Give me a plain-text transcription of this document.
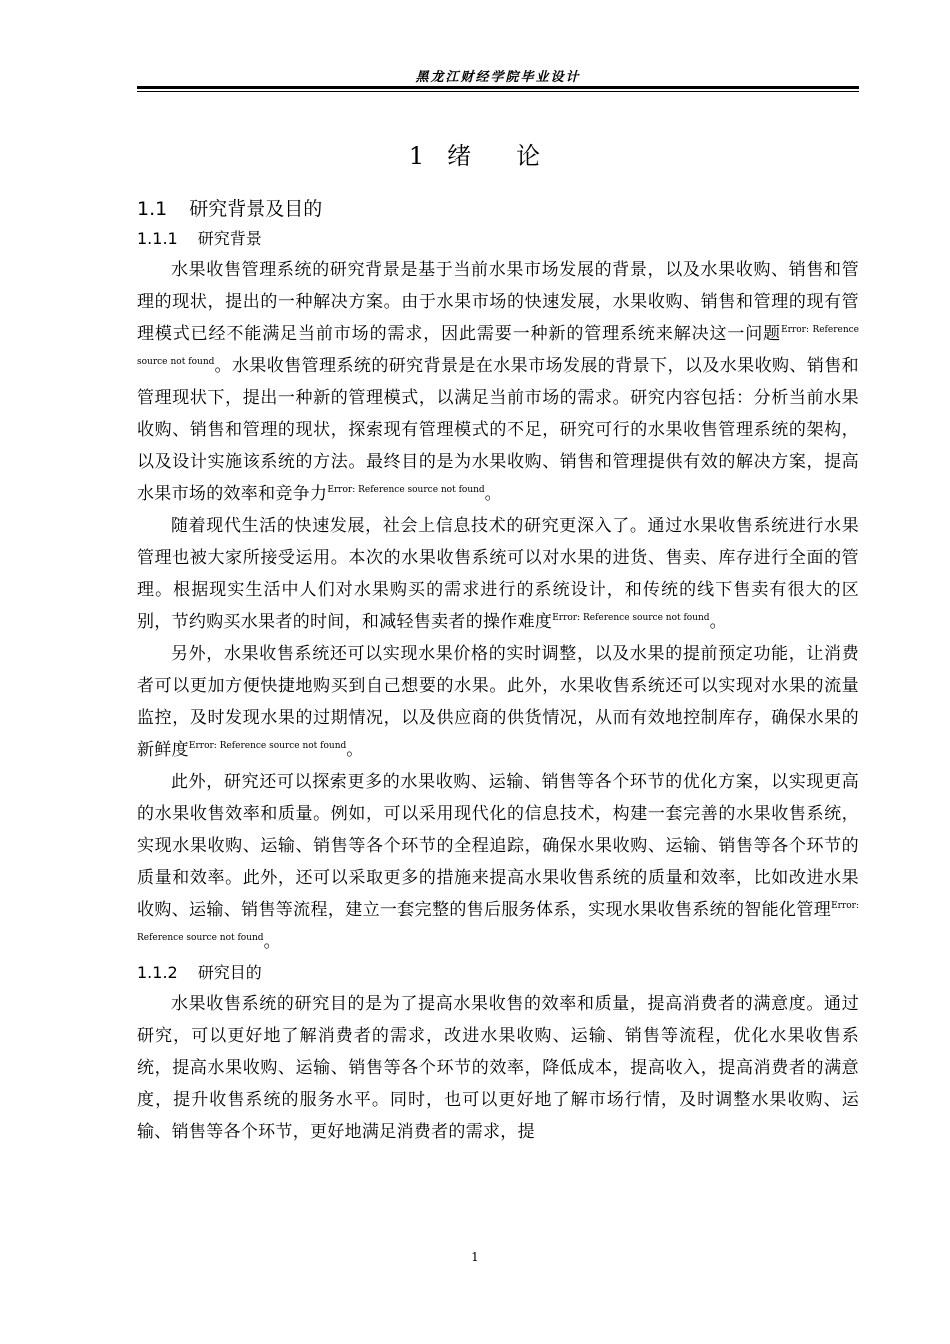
黑龙江财经学院毕业设计
1 绪 论
1.1 研究背景及目的
1.1.1 研究背景

水果收售管理系统的研究背景是基于当前水果市场发展的背景，以及水果收购、销售和管理的现状，提出的一种解决方案。由于水果市场的快速发展，水果收购、销售和管理的现有管理模式已经不能满足当前市场的需求，因此需要一种新的管理系统来解决这一问题$^{Error: Reference source not found}$。水果收售管理系统的研究背景是在水果市场发展的背景下，以及水果收购、销售和管理现状下，提出一种新的管理模式，以满足当前市场的需求。研究内容包括：分析当前水果收购、销售和管理的现状，探索现有管理模式的不足，研究可行的水果收售管理系统的架构，以及设计实施该系统的方法。最终目的是为水果收购、销售和管理提供有效的解决方案，提高水果市场的效率和竞争力$^{Error: Reference source not found}$。

随着现代生活的快速发展，社会上信息技术的研究更深入了。通过水果收售系统进行水果管理也被大家所接受运用。本次的水果收售系统可以对水果的进货、售卖、库存进行全面的管理。根据现实生活中人们对水果购买的需求进行的系统设计，和传统的线下售卖有很大的区别，节约购买水果者的时间，和减轻售卖者的操作难度$^{Error: Reference source not found}$。

另外，水果收售系统还可以实现水果价格的实时调整，以及水果的提前预定功能，让消费者可以更加方便快捷地购买到自己想要的水果。此外，水果收售系统还可以实现对水果的流量监控，及时发现水果的过期情况，以及供应商的供货情况，从而有效地控制库存，确保水果的新鲜度$^{Error: Reference source not found}$。

此外，研究还可以探索更多的水果收购、运输、销售等各个环节的优化方案，以实现更高的水果收售效率和质量。例如，可以采用现代化的信息技术，构建一套完善的水果收售系统，实现水果收购、运输、销售等各个环节的全程追踪，确保水果收购、运输、销售等各个环节的质量和效率。此外，还可以采取更多的措施来提高水果收售系统的质量和效率，比如改进水果收购、运输、销售等流程，建立一套完整的售后服务体系，实现水果收售系统的智能化管理$^{Error: Reference source not found}$。

1.1.2 研究目的

水果收售系统的研究目的是为了提高水果收售的效率和质量，提高消费者的满意度。通过研究，可以更好地了解消费者的需求，改进水果收购、运输、销售等流程，优化水果收售系统，提高水果收购、运输、销售等各个环节的效率，降低成本，提高收入，提高消费者的满意度，提升收售系统的服务水平。同时，也可以更好地了解市场行情，及时调整水果收购、运输、销售等各个环节，更好地满足消费者的需求，提

1
